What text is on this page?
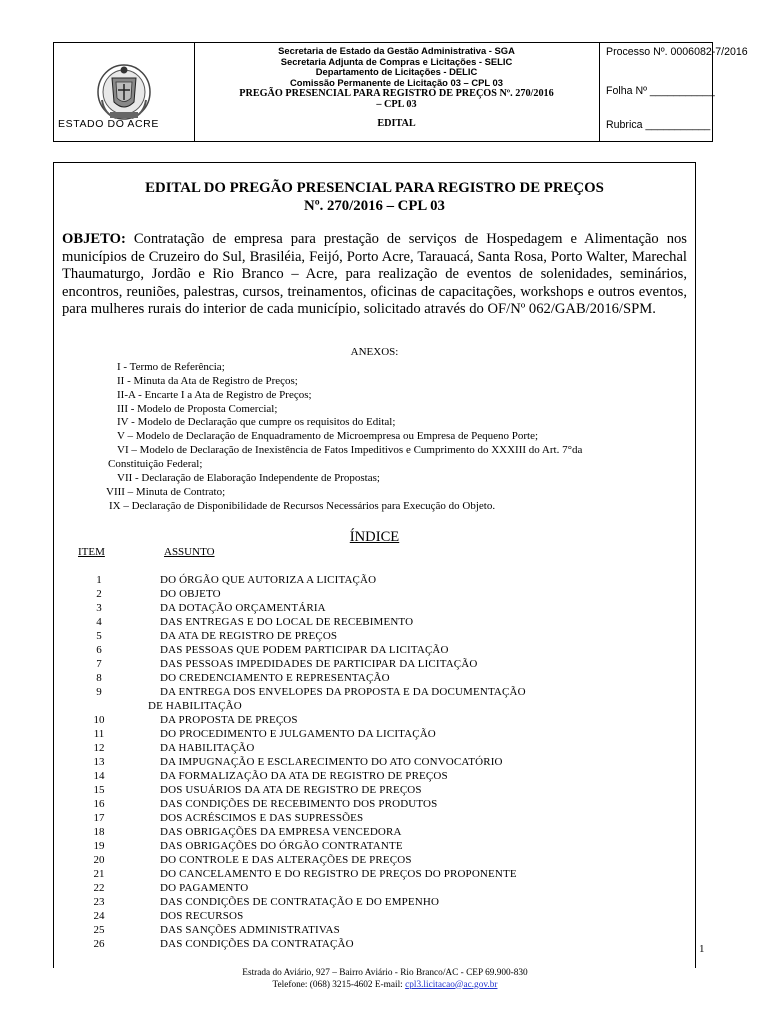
ESTADO DO ACRE
Secretaria de Estado da Gestão Administrativa - SGA
Secretaria Adjunta de Compras e Licitações - SELIC
Departamento de Licitações - DELIC
Comissão Permanente de Licitação 03 – CPL 03
PREGÃO PRESENCIAL PARA REGISTRO DE PREÇOS Nº. 270/2016
– CPL 03
EDITAL
Processo Nº. 0006082-7/2016
Folha Nº ___________
Rubrica ___________
EDITAL DO PREGÃO PRESENCIAL PARA REGISTRO DE PREÇOS
Nº. 270/2016 – CPL 03
OBJETO: Contratação de empresa para prestação de serviços de Hospedagem e Alimentação nos municípios de Cruzeiro do Sul, Brasiléia, Feijó, Porto Acre, Tarauacá, Santa Rosa, Porto Walter, Marechal Thaumaturgo, Jordão e Rio Branco – Acre, para realização de eventos de solenidades, seminários, encontros, reuniões, palestras, cursos, treinamentos, oficinas de capacitações, workshops e outros eventos, para mulheres rurais do interior de cada município, solicitado através do OF/Nº 062/GAB/2016/SPM.
ANEXOS:
I - Termo de Referência;
II - Minuta da Ata de Registro de Preços;
II-A - Encarte I a Ata de Registro de Preços;
III - Modelo de Proposta Comercial;
IV - Modelo de Declaração que cumpre os requisitos do Edital;
V – Modelo de Declaração de Enquadramento de Microempresa ou Empresa de Pequeno Porte;
VI – Modelo de Declaração de Inexistência de Fatos Impeditivos e Cumprimento do XXXIII do Art. 7°da
Constituição Federal;
VII - Declaração de Elaboração Independente de Propostas;
VIII – Minuta de Contrato;
IX – Declaração de Disponibilidade de Recursos Necessários para Execução do Objeto.
ÍNDICE
ITEM	ASSUNTO
1	DO ÓRGÃO QUE AUTORIZA A LICITAÇÃO
2	DO OBJETO
3	DA DOTAÇÃO ORÇAMENTÁRIA
4	DAS ENTREGAS E DO LOCAL DE RECEBIMENTO
5	DA ATA DE REGISTRO DE PREÇOS
6	DAS PESSOAS QUE PODEM PARTICIPAR DA LICITAÇÃO
7	DAS PESSOAS IMPEDIDADES DE PARTICIPAR DA LICITAÇÃO
8	DO CREDENCIAMENTO E REPRESENTAÇÃO
9	DA ENTREGA DOS ENVELOPES DA PROPOSTA E DA DOCUMENTAÇÃO
DE HABILITAÇÃO
10	DA PROPOSTA DE PREÇOS
11	DO PROCEDIMENTO E JULGAMENTO DA LICITAÇÃO
12	DA HABILITAÇÃO
13	DA IMPUGNAÇÃO E ESCLARECIMENTO DO ATO CONVOCATÓRIO
14	DA FORMALIZAÇÃO DA ATA DE REGISTRO DE PREÇOS
15	DOS USUÁRIOS DA ATA DE REGISTRO DE PREÇOS
16	DAS CONDIÇÕES DE RECEBIMENTO DOS PRODUTOS
17	DOS ACRÉSCIMOS E DAS SUPRESSÕES
18	DAS OBRIGAÇÕES DA EMPRESA VENCEDORA
19	DAS OBRIGAÇÕES DO ÓRGÃO CONTRATANTE
20	DO CONTROLE E DAS ALTERAÇÕES DE PREÇOS
21	DO CANCELAMENTO E DO REGISTRO DE PREÇOS DO PROPONENTE
22	DO PAGAMENTO
23	DAS CONDIÇÕES DE CONTRATAÇÃO E DO EMPENHO
24	DOS RECURSOS
25	DAS SANÇÕES ADMINISTRATIVAS
26	DAS CONDIÇÕES DA CONTRATAÇÃO	1
Estrada do Aviário, 927 – Bairro Aviário - Rio Branco/AC - CEP 69.900-830
Telefone: (068) 3215-4602 E-mail: cpl3.licitacao@ac.gov.br
